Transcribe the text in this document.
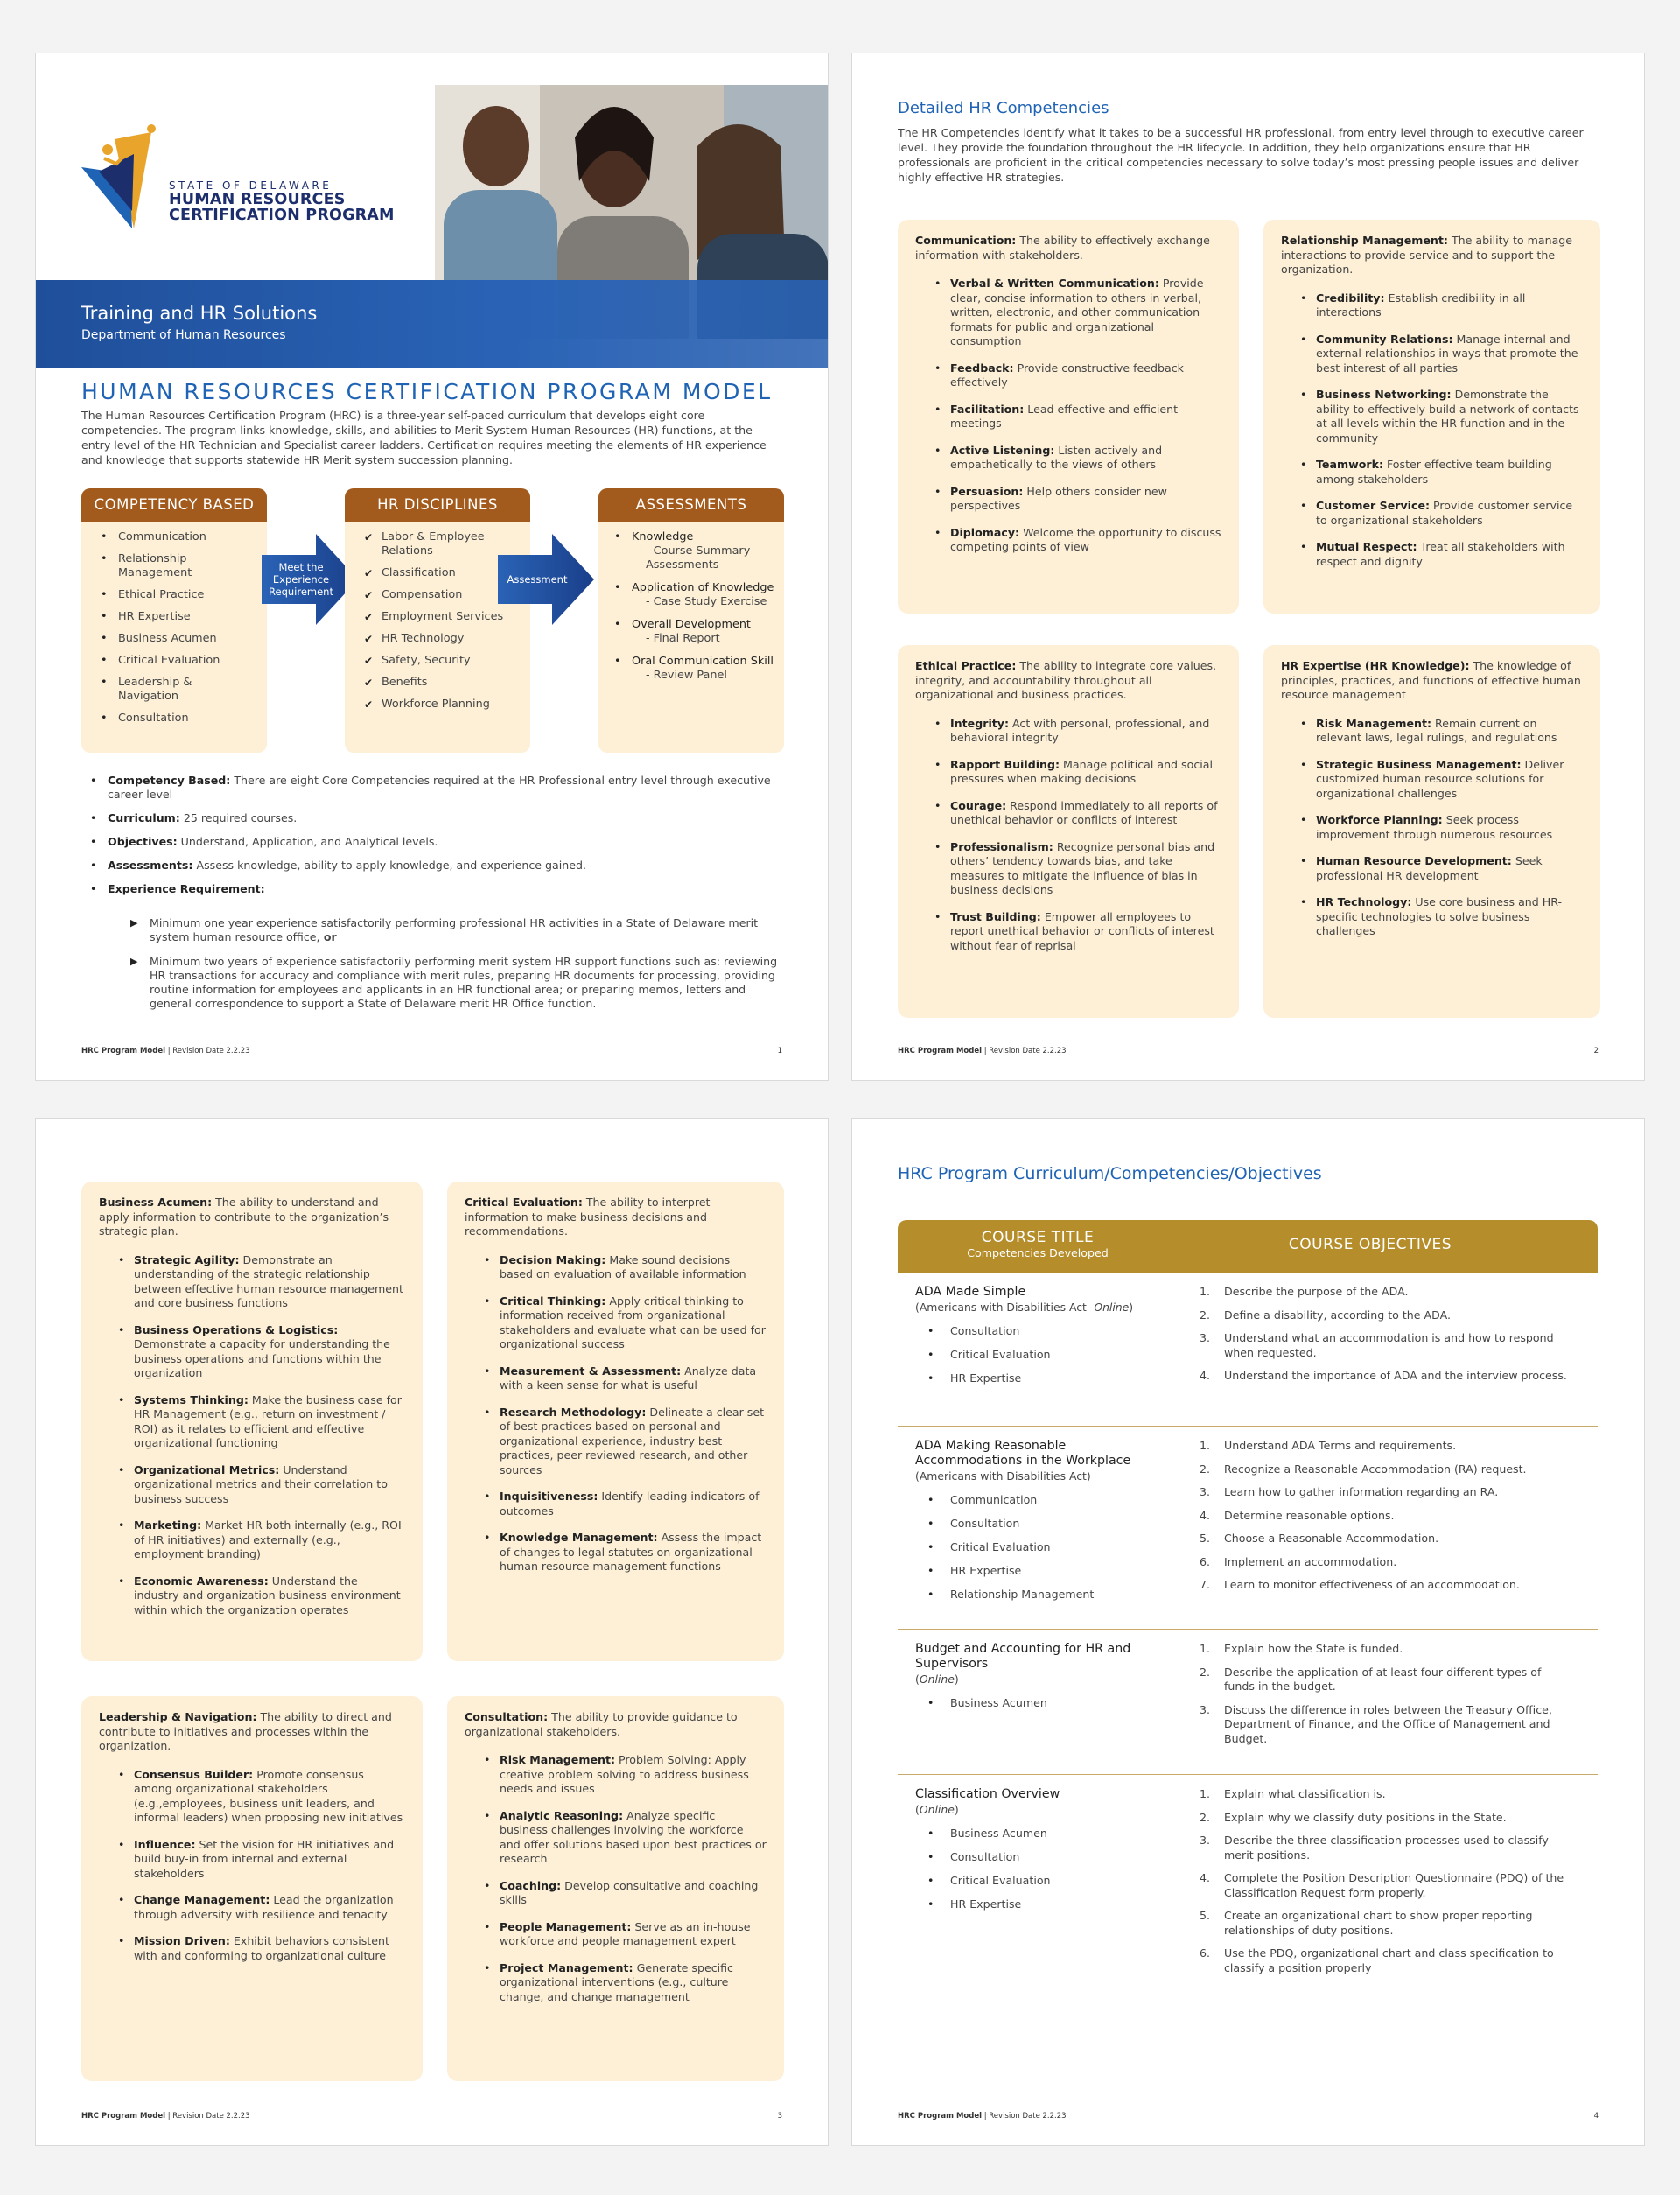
STATE OF DELAWARE
HUMAN RESOURCES
CERTIFICATION PROGRAM
Training and HR Solutions
Department of Human Resources
HUMAN RESOURCES CERTIFICATION PROGRAM MODEL
The Human Resources Certification Program (HRC) is a three-year self-paced curriculum that develops eight core competencies. The program links knowledge, skills, and abilities to Merit System Human Resources (HR) functions, at the entry level of the HR Technician and Specialist career ladders. Certification requires meeting the elements of HR experience and knowledge that supports statewide HR Merit system succession planning.
COMPETENCY BASED
• Communication
• Relationship Management
• Ethical Practice
• HR Expertise
• Business Acumen
• Critical Evaluation
• Leadership & Navigation
• Consultation
Meet the Experience Requirement
HR DISCIPLINES
✔ Labor & Employee Relations
✔ Classification
✔ Compensation
✔ Employment Services
✔ HR Technology
✔ Safety, Security
✔ Benefits
✔ Workforce Planning
Assessment
ASSESSMENTS
• Knowledge
- Course Summary Assessments
• Application of Knowledge
- Case Study Exercise
• Overall Development
- Final Report
• Oral Communication Skill
- Review Panel
• Competency Based: There are eight Core Competencies required at the HR Professional entry level through executive career level
• Curriculum: 25 required courses.
• Objectives: Understand, Application, and Analytical levels.
• Assessments: Assess knowledge, ability to apply knowledge, and experience gained.
• Experience Requirement:
▶ Minimum one year experience satisfactorily performing professional HR activities in a State of Delaware merit system human resource office, or
▶ Minimum two years of experience satisfactorily performing merit system HR support functions such as: reviewing HR transactions for accuracy and compliance with merit rules, preparing HR documents for processing, providing routine information for employees and applicants in an HR functional area; or preparing memos, letters and general correspondence to support a State of Delaware merit HR Office function.
HRC Program Model | Revision Date 2.2.23	1
Detailed HR Competencies
The HR Competencies identify what it takes to be a successful HR professional, from entry level through to executive career level. They provide the foundation throughout the HR lifecycle. In addition, they help organizations ensure that HR professionals are proficient in the critical competencies necessary to solve today’s most pressing people issues and deliver highly effective HR strategies.
Communication: The ability to effectively exchange information with stakeholders.
• Verbal & Written Communication: Provide clear, concise information to others in verbal, written, electronic, and other communication formats for public and organizational consumption
• Feedback: Provide constructive feedback effectively
• Facilitation: Lead effective and efficient meetings
• Active Listening: Listen actively and empathetically to the views of others
• Persuasion: Help others consider new perspectives
• Diplomacy: Welcome the opportunity to discuss competing points of view
Relationship Management: The ability to manage interactions to provide service and to support the organization.
• Credibility: Establish credibility in all interactions
• Community Relations: Manage internal and external relationships in ways that promote the best interest of all parties
• Business Networking: Demonstrate the ability to effectively build a network of contacts at all levels within the HR function and in the community
• Teamwork: Foster effective team building among stakeholders
• Customer Service: Provide customer service to organizational stakeholders
• Mutual Respect: Treat all stakeholders with respect and dignity
Ethical Practice: The ability to integrate core values, integrity, and accountability throughout all organizational and business practices.
• Integrity: Act with personal, professional, and behavioral integrity
• Rapport Building: Manage political and social pressures when making decisions
• Courage: Respond immediately to all reports of unethical behavior or conflicts of interest
• Professionalism: Recognize personal bias and others’ tendency towards bias, and take measures to mitigate the influence of bias in business decisions
• Trust Building: Empower all employees to report unethical behavior or conflicts of interest without fear of reprisal
HR Expertise (HR Knowledge): The knowledge of principles, practices, and functions of effective human resource management
• Risk Management: Remain current on relevant laws, legal rulings, and regulations
• Strategic Business Management: Deliver customized human resource solutions for organizational challenges
• Workforce Planning: Seek process improvement through numerous resources
• Human Resource Development: Seek professional HR development
• HR Technology: Use core business and HR-specific technologies to solve business challenges
HRC Program Model | Revision Date 2.2.23	2
Business Acumen: The ability to understand and apply information to contribute to the organization’s strategic plan.
• Strategic Agility: Demonstrate an understanding of the strategic relationship between effective human resource management and core business functions
• Business Operations & Logistics: Demonstrate a capacity for understanding the business operations and functions within the organization
• Systems Thinking: Make the business case for HR Management (e.g., return on investment / ROI) as it relates to efficient and effective organizational functioning
• Organizational Metrics: Understand organizational metrics and their correlation to business success
• Marketing: Market HR both internally (e.g., ROI of HR initiatives) and externally (e.g., employment branding)
• Economic Awareness: Understand the industry and organization business environment within which the organization operates
Critical Evaluation: The ability to interpret information to make business decisions and recommendations.
• Decision Making: Make sound decisions based on evaluation of available information
• Critical Thinking: Apply critical thinking to information received from organizational stakeholders and evaluate what can be used for organizational success
• Measurement & Assessment: Analyze data with a keen sense for what is useful
• Research Methodology: Delineate a clear set of best practices based on personal and organizational experience, industry best practices, peer reviewed research, and other sources
• Inquisitiveness: Identify leading indicators of outcomes
• Knowledge Management: Assess the impact of changes to legal statutes on organizational human resource management functions
Leadership & Navigation: The ability to direct and contribute to initiatives and processes within the organization.
• Consensus Builder: Promote consensus among organizational stakeholders (e.g.,employees, business unit leaders, and informal leaders) when proposing new initiatives
• Influence: Set the vision for HR initiatives and build buy-in from internal and external stakeholders
• Change Management: Lead the organization through adversity with resilience and tenacity
• Mission Driven: Exhibit behaviors consistent with and conforming to organizational culture
Consultation: The ability to provide guidance to organizational stakeholders.
• Risk Management: Problem Solving: Apply creative problem solving to address business needs and issues
• Analytic Reasoning: Analyze specific business challenges involving the workforce and offer solutions based upon best practices or research
• Coaching: Develop consultative and coaching skills
• People Management: Serve as an in-house workforce and people management expert
• Project Management: Generate specific organizational interventions (e.g., culture change, and change management
HRC Program Model | Revision Date 2.2.23	3
HRC Program Curriculum/Competencies/Objectives
COURSE TITLE
Competencies Developed	COURSE OBJECTIVES
ADA Made Simple
(Americans with Disabilities Act -Online)
• Consultation
• Critical Evaluation
• HR Expertise
1. Describe the purpose of the ADA.
2. Define a disability, according to the ADA.
3. Understand what an accommodation is and how to respond when requested.
4. Understand the importance of ADA and the interview process.
ADA Making Reasonable Accommodations in the Workplace
(Americans with Disabilities Act)
• Communication
• Consultation
• Critical Evaluation
• HR Expertise
• Relationship Management
1. Understand ADA Terms and requirements.
2. Recognize a Reasonable Accommodation (RA) request.
3. Learn how to gather information regarding an RA.
4. Determine reasonable options.
5. Choose a Reasonable Accommodation.
6. Implement an accommodation.
7. Learn to monitor effectiveness of an accommodation.
Budget and Accounting for HR and Supervisors
(Online)
• Business Acumen
1. Explain how the State is funded.
2. Describe the application of at least four different types of funds in the budget.
3. Discuss the difference in roles between the Treasury Office, Department of Finance, and the Office of Management and Budget.
Classification Overview
(Online)
• Business Acumen
• Consultation
• Critical Evaluation
• HR Expertise
1. Explain what classification is.
2. Explain why we classify duty positions in the State.
3. Describe the three classification processes used to classify merit positions.
4. Complete the Position Description Questionnaire (PDQ) of the Classification Request form properly.
5. Create an organizational chart to show proper reporting relationships of duty positions.
6. Use the PDQ, organizational chart and class specification to classify a position properly
HRC Program Model | Revision Date 2.2.23	4
